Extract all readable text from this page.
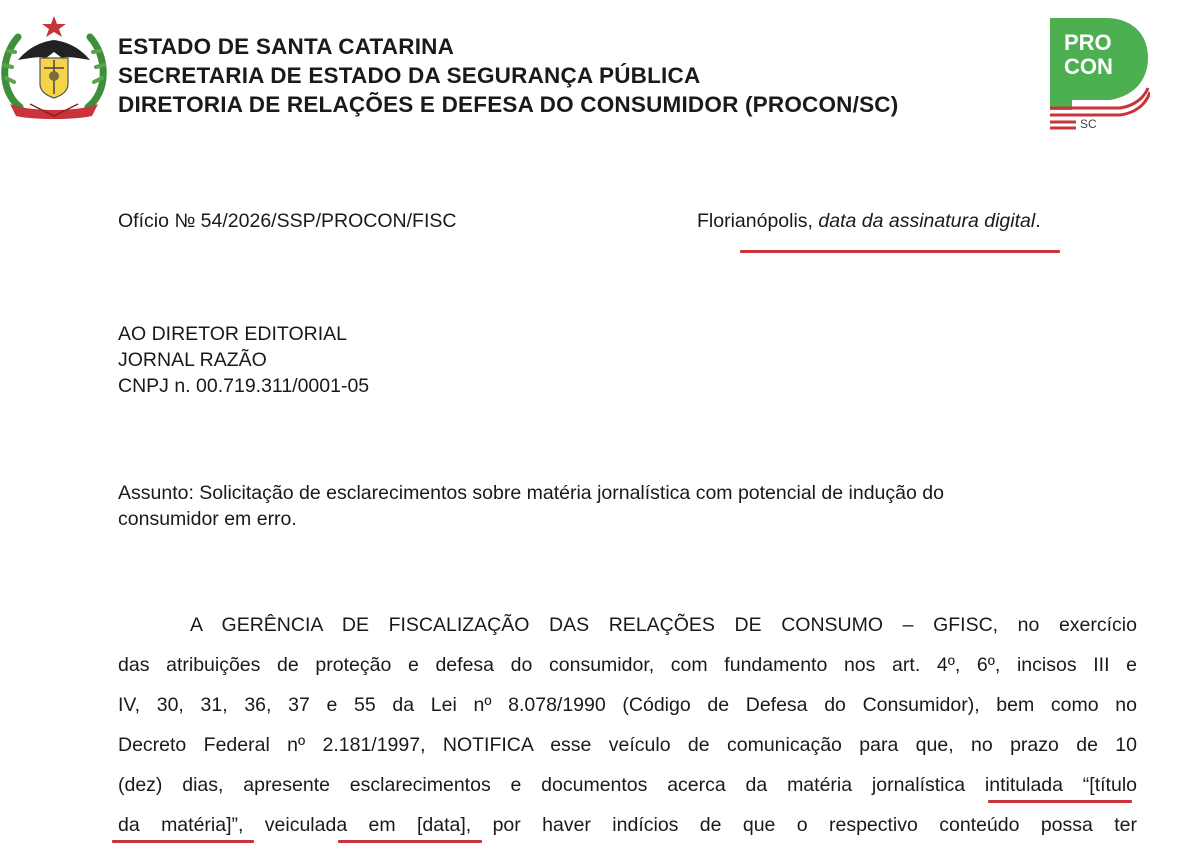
ESTADO DE SANTA CATARINA
SECRETARIA DE ESTADO DA SEGURANÇA PÚBLICA
DIRETORIA DE RELAÇÕES E DEFESA DO CONSUMIDOR (PROCON/SC)
PRO
CON
SC
Ofício № 54/2026/SSP/PROCON/FISC	Florianópolis, data da assinatura digital.
AO DIRETOR EDITORIAL
JORNAL RAZÃO
CNPJ n. 00.719.311/0001-05
Assunto: Solicitação de esclarecimentos sobre matéria jornalística com potencial de indução do
consumidor em erro.
A GERÊNCIA DE FISCALIZAÇÃO DAS RELAÇÕES DE CONSUMO – GFISC, no exercício
das atribuições de proteção e defesa do consumidor, com fundamento nos art. 4º, 6º, incisos III e
IV, 30, 31, 36, 37 e 55 da Lei nº 8.078/1990 (Código de Defesa do Consumidor), bem como no
Decreto Federal nº 2.181/1997, NOTIFICA esse veículo de comunicação para que, no prazo de 10
(dez) dias, apresente esclarecimentos e documentos acerca da matéria jornalística intitulada “[título
da matéria]”, veiculada em [data], por haver indícios de que o respectivo conteúdo possa ter
